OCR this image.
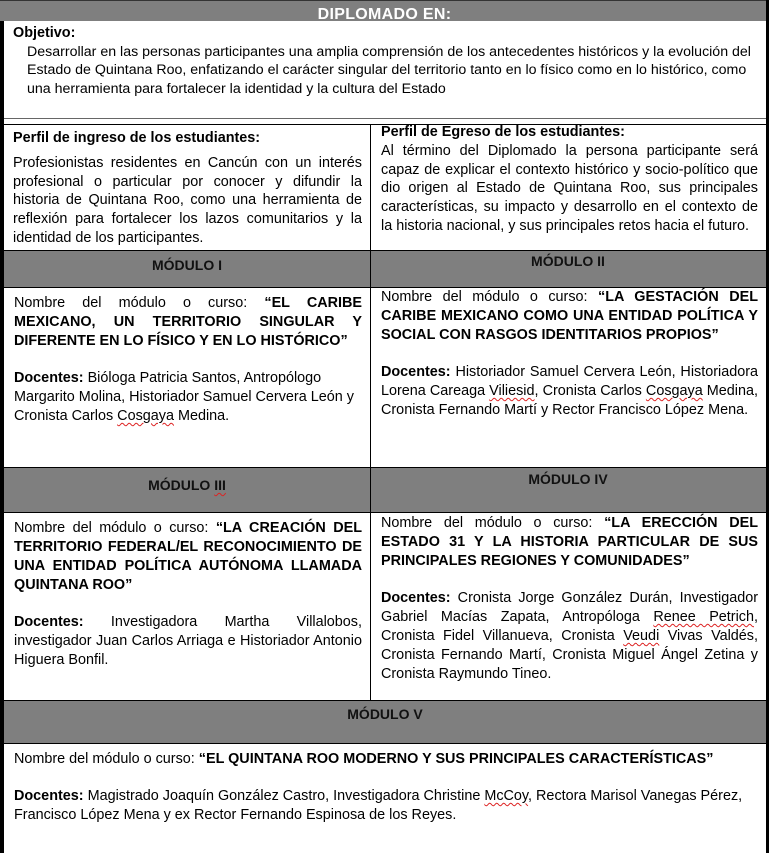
DIPLOMADO EN:

Objetivo:

Desarrollar en las personas participantes una amplia comprensión de los antecedentes históricos y la evolución del Estado de Quintana Roo, enfatizando el carácter singular del territorio tanto en lo físico como en lo histórico, como una herramienta para fortalecer la identidad y la cultura del Estado

Perfil de ingreso de los estudiantes:

Profesionistas residentes en Cancún con un interés profesional o particular por conocer y difundir la historia de Quintana Roo, como una herramienta de reflexión para fortalecer los lazos comunitarios y la identidad de los participantes.

Perfil de Egreso de los estudiantes:

Al término del Diplomado la persona participante será capaz de explicar el contexto histórico y socio-político que dio origen al Estado de Quintana Roo, sus principales características, su impacto y desarrollo en el contexto de la historia nacional, y sus principales retos hacia el futuro.

MÓDULO I	MÓDULO II

Nombre del módulo o curso: “EL CARIBE MEXICANO, UN TERRITORIO SINGULAR Y DIFERENTE EN LO FÍSICO Y EN LO HISTÓRICO”

Docentes: Bióloga Patricia Santos, Antropólogo Margarito Molina, Historiador Samuel Cervera León y Cronista Carlos Cosgaya Medina.

Nombre del módulo o curso: “LA GESTACIÓN DEL CARIBE MEXICANO COMO UNA ENTIDAD POLÍTICA Y SOCIAL CON RASGOS IDENTITARIOS PROPIOS”

Docentes: Historiador Samuel Cervera León, Historiadora Lorena Careaga Viliesid, Cronista Carlos Cosgaya Medina, Cronista Fernando Martí y Rector Francisco López Mena.

MÓDULO III	MÓDULO IV

Nombre del módulo o curso: “LA CREACIÓN DEL TERRITORIO FEDERAL/EL RECONOCIMIENTO DE UNA ENTIDAD POLÍTICA AUTÓNOMA LLAMADA QUINTANA ROO”

Docentes: Investigadora Martha Villalobos, investigador Juan Carlos Arriaga e Historiador Antonio Higuera Bonfil.

Nombre del módulo o curso: “LA ERECCIÓN DEL ESTADO 31 Y LA HISTORIA PARTICULAR DE SUS PRINCIPALES REGIONES Y COMUNIDADES”

Docentes: Cronista Jorge González Durán, Investigador Gabriel Macías Zapata, Antropóloga Renee Petrich, Cronista Fidel Villanueva, Cronista Veudi Vivas Valdés, Cronista Fernando Martí, Cronista Miguel Ángel Zetina y Cronista Raymundo Tineo.

MÓDULO V

Nombre del módulo o curso: “EL QUINTANA ROO MODERNO Y SUS PRINCIPALES CARACTERÍSTICAS”

Docentes: Magistrado Joaquín González Castro, Investigadora Christine McCoy, Rectora Marisol Vanegas Pérez, Francisco López Mena y ex Rector Fernando Espinosa de los Reyes.
